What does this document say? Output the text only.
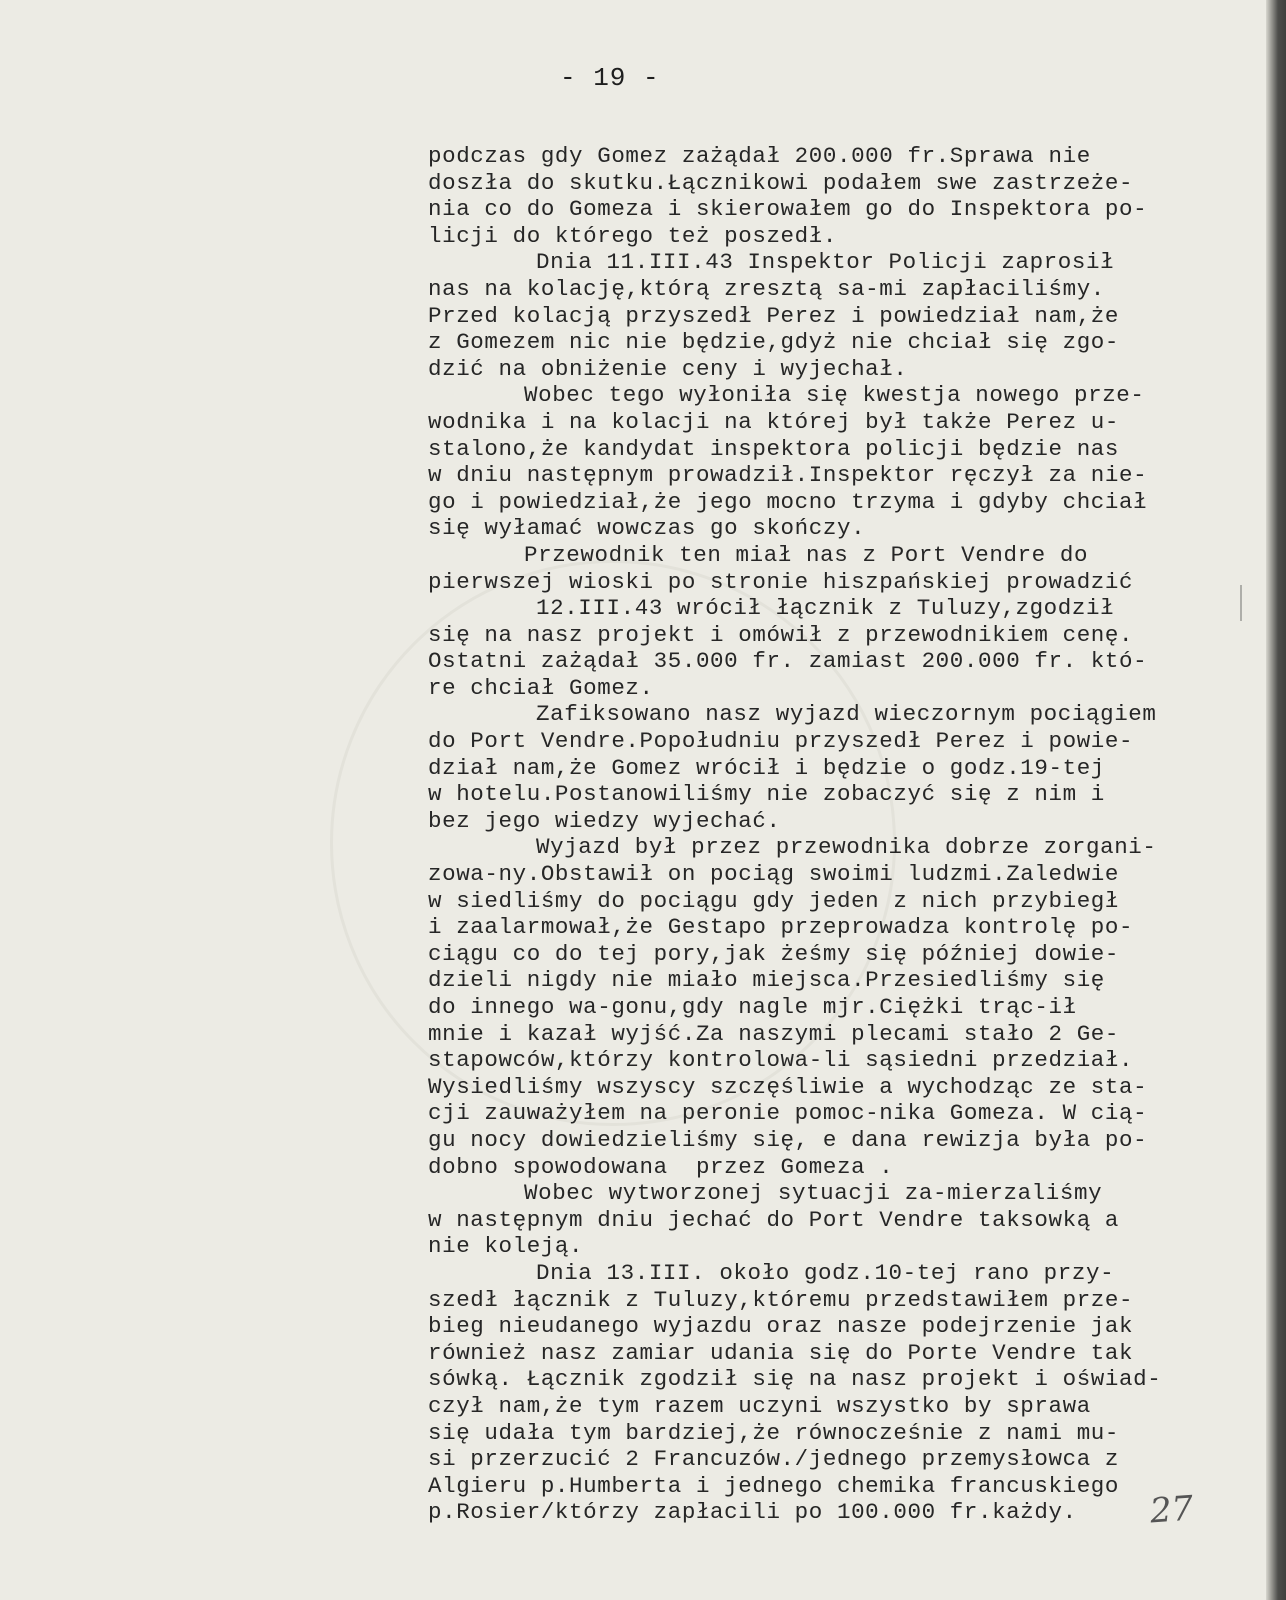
- 19 -
podczas gdy Gomez zażądał 200.000 fr.Sprawa nie
doszła do skutku.Łącznikowi podałem swe zastrzeże-
nia co do Gomeza i skierowałem go do Inspektora po-
licji do którego też poszedł.
Dnia 11.III.43 Inspektor Policji zaprosił
nas na kolację,którą zresztą sa-mi zapłaciliśmy.
Przed kolacją przyszedł Perez i powiedział nam,że
z Gomezem nic nie będzie,gdyż nie chciał się zgo-
dzić na obniżenie ceny i wyjechał.
Wobec tego wyłoniła się kwestja nowego prze-
wodnika i na kolacji na której był także Perez u-
stalono,że kandydat inspektora policji będzie nas
w dniu następnym prowadził.Inspektor ręczył za nie-
go i powiedział,że jego mocno trzyma i gdyby chciał
się wyłamać wowczas go skończy.
Przewodnik ten miał nas z Port Vendre do
pierwszej wioski po stronie hiszpańskiej prowadzić
12.III.43 wrócił łącznik z Tuluzy,zgodził
się na nasz projekt i omówił z przewodnikiem cenę.
Ostatni zażądał 35.000 fr. zamiast 200.000 fr. któ-
re chciał Gomez.
Zafiksowano nasz wyjazd wieczornym pociągiem
do Port Vendre.Popołudniu przyszedł Perez i powie-
dział nam,że Gomez wrócił i będzie o godz.19-tej
w hotelu.Postanowiliśmy nie zobaczyć się z nim i
bez jego wiedzy wyjechać.
Wyjazd był przez przewodnika dobrze zorgani-
zowa-ny.Obstawił on pociąg swoimi ludzmi.Zaledwie
w siedliśmy do pociągu gdy jeden z nich przybiegł
i zaalarmował,że Gestapo przeprowadza kontrolę po-
ciągu co do tej pory,jak żeśmy się później dowie-
dzieli nigdy nie miało miejsca.Przesiedliśmy się
do innego wa-gonu,gdy nagle mjr.Ciężki trąc-ił
mnie i kazał wyjść.Za naszymi plecami stało 2 Ge-
stapowców,którzy kontrolowa-li sąsiedni przedział.
Wysiedliśmy wszyscy szczęśliwie a wychodząc ze sta-
cji zauważyłem na peronie pomoc-nika Gomeza. W cią-
gu nocy dowiedzieliśmy się, e dana rewizja była po-
dobno spowodowana  przez Gomeza .
Wobec wytworzonej sytuacji za-mierzaliśmy
w następnym dniu jechać do Port Vendre taksowką a
nie koleją.
Dnia 13.III. około godz.10-tej rano przy-
szedł łącznik z Tuluzy,któremu przedstawiłem prze-
bieg nieudanego wyjazdu oraz nasze podejrzenie jak
również nasz zamiar udania się do Porte Vendre tak
sówką. Łącznik zgodził się na nasz projekt i oświad-
czył nam,że tym razem uczyni wszystko by sprawa
się udała tym bardziej,że równocześnie z nami mu-
si przerzucić 2 Francuzów./jednego przemysłowca z
Algieru p.Humberta i jednego chemika francuskiego
p.Rosier/którzy zapłacili po 100.000 fr.każdy.	27
